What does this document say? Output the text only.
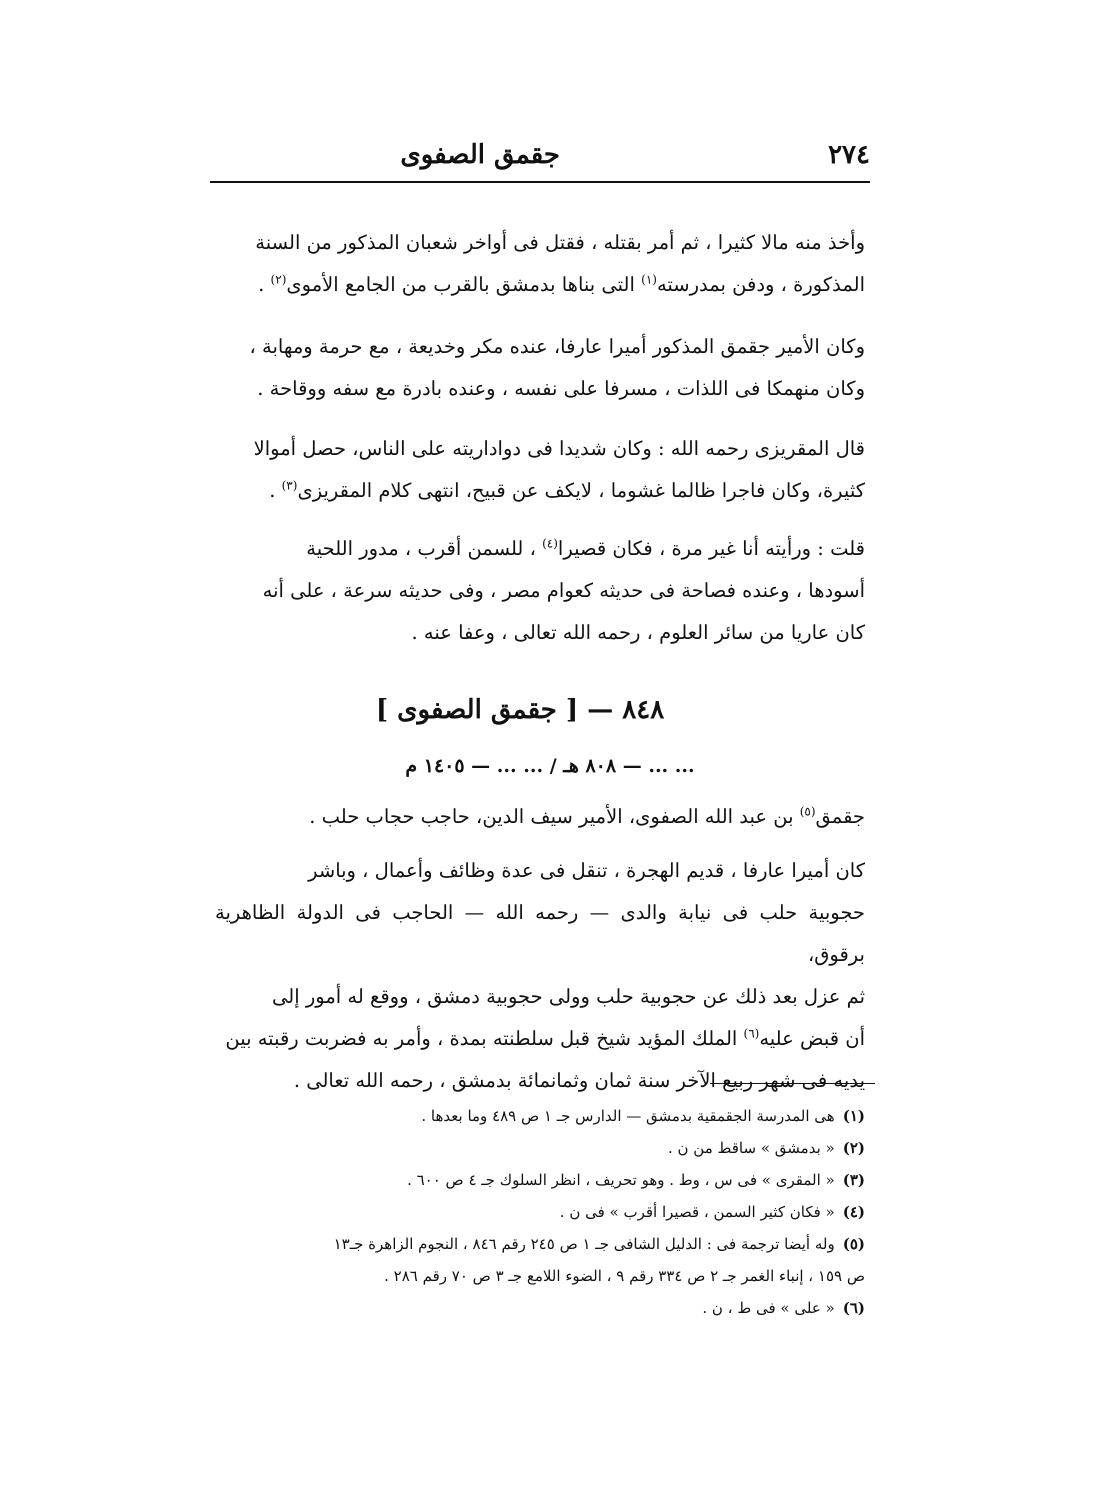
٢٧٤
جقمق الصفوى
وأخذ منه مالا كثيرا ، ثم أمر بقتله ، فقتل فى أواخر شعبان المذكور من السنة
المذكورة ، ودفن بمدرسته$^{(١)}$ التى بناها بدمشق بالقرب من الجامع الأموى$^{(٢)}$ .
وكان الأمير جقمق المذكور أميرا عارفا، عنده مكر وخديعة ، مع حرمة ومهابة ،
وكان منهمكا فى اللذات ، مسرفا على نفسه ، وعنده بادرة مع سفه ووقاحة .
قال المقريزى رحمه الله : وكان شديدا فى دواداريته على الناس، حصل أموالا
كثيرة، وكان فاجرا ظالما غشوما ، لايكف عن قبيح، انتهى كلام المقريزى$^{(٣)}$ .
قلت : ورأيته أنا غير مرة ، فكان قصيرا$^{(٤)}$ ، للسمن أقرب ، مدور اللحية
أسودها ، وعنده فصاحة فى حديثه كعوام مصر ، وفى حديثه سرعة ، على أنه
كان عاريا من سائر العلوم ، رحمه الله تعالى ، وعفا عنه .
٨٤٨ — [ جقمق الصفوى ]
... ... — ٨٠٨ هـ / ... ... — ١٤٠٥ م
جقمق$^{(٥)}$ بن عبد الله الصفوى، الأمير سيف الدين، حاجب حجاب حلب .
كان أميرا عارفا ، قديم الهجرة ، تنقل فى عدة وظائف وأعمال ، وباشر
حجوبية حلب فى نيابة والدى — رحمه الله — الحاجب فى الدولة الظاهرية برقوق،
ثم عزل بعد ذلك عن حجوبية حلب وولى حجوبية دمشق ، ووقع له أمور إلى
أن قبض عليه$^{(٦)}$ الملك المؤيد شيخ قبل سلطنته بمدة ، وأمر به فضربت رقبته بين
يديه فى شهر ربيع الآخر سنة ثمان وثمانمائة بدمشق ، رحمه الله تعالى .
(١)هى المدرسة الجقمقية بدمشق — الدارس جـ ١ ص ٤٨٩ وما بعدها .
(٢)« بدمشق » ساقط من ن .
(٣)« المقرى » فى س ، وط . وهو تحريف ، انظر السلوك جـ ٤ ص ٦٠٠ .
(٤)« فكان كثير السمن ، قصيرا أقرب » فى ن .
(٥)وله أيضا ترجمة فى : الدليل الشافى جـ ١ ص ٢٤٥ رقم ٨٤٦ ، النجوم الزاهرة جـ١٣
ص ١٥٩ ، إنباء الغمر جـ ٢ ص ٣٣٤ رقم ٩ ، الضوء اللامع جـ ٣ ص ٧٠ رقم ٢٨٦ .
(٦)« على » فى ط ، ن .
